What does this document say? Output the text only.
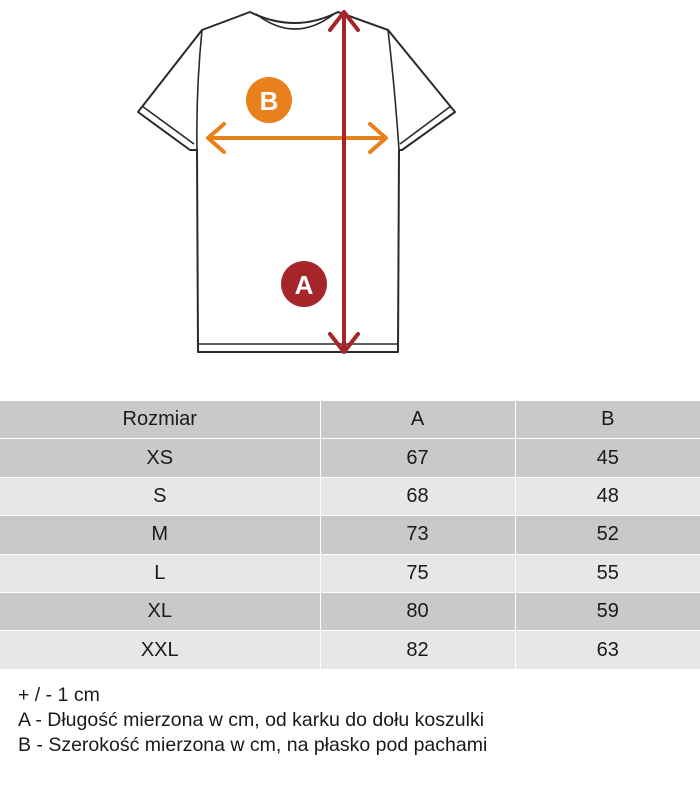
B
A
Rozmiar	A	B
XS	67	45
S	68	48
M	73	52
L	75	55
XL	80	59
XXL	82	63
+ / - 1 cm
A - Długość mierzona w cm, od karku do dołu koszulki
B - Szerokość mierzona w cm, na płasko pod pachami
